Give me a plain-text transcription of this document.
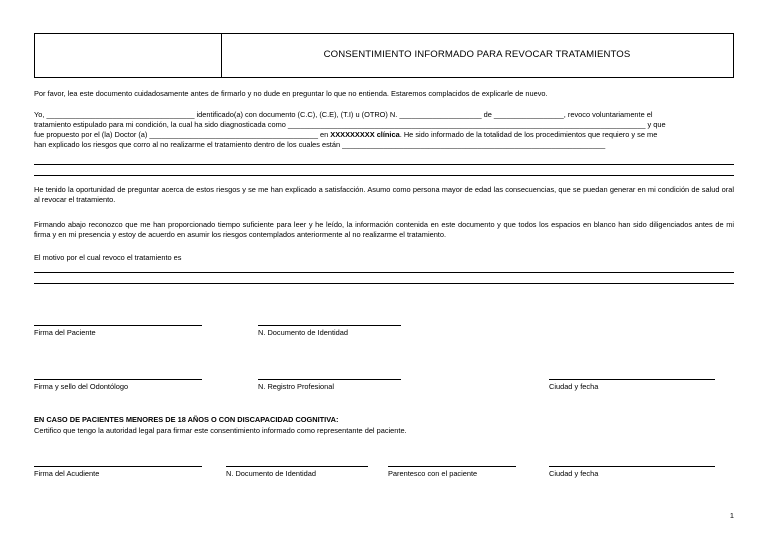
CONSENTIMIENTO INFORMADO PARA REVOCAR TRATAMIENTOS
Por favor, lea este documento cuidadosamente antes de firmarlo y no dude en preguntar lo que no entienda. Estaremos complacidos de explicarle de nuevo.
Yo, ____________________________________ identificado(a) con documento (C.C), (C.E), (T.I) u (OTRO) N. ____________________ de _________________, revoco voluntariamente el
tratamiento estipulado para mi condición, la cual ha sido diagnosticada como _______________________________________________________________________________________ y que
fue propuesto por el (la) Doctor (a) _________________________________________ en XXXXXXXXX clínica. He sido informado de la totalidad de los procedimientos que requiero y se me
han explicado los riesgos que corro al no realizarme el tratamiento dentro de los cuales están ________________________________________________________________
He tenido la oportunidad de preguntar acerca de estos riesgos y se me han explicado a satisfacción. Asumo como persona mayor de edad las consecuencias, que se puedan generar en mi condición de salud oral al revocar el tratamiento.
Firmando abajo reconozco que me han proporcionado tiempo suficiente para leer y he leído, la información contenida en este documento y que todos los espacios en blanco han sido diligenciados antes de mi firma y en mi presencia y estoy de acuerdo en asumir los riesgos contemplados anteriormente al no realizarme el tratamiento.
El motivo por el cual revoco el tratamiento es
Firma del Paciente	N. Documento de Identidad
Firma y sello del Odontólogo	N. Registro Profesional	Ciudad y fecha
EN CASO DE PACIENTES MENORES DE 18 AÑOS O CON DISCAPACIDAD COGNITIVA:
Certifico que tengo la autoridad legal para firmar este consentimiento informado como representante del paciente.
Firma del Acudiente	N. Documento de Identidad	Parentesco con el paciente	Ciudad y fecha
1
